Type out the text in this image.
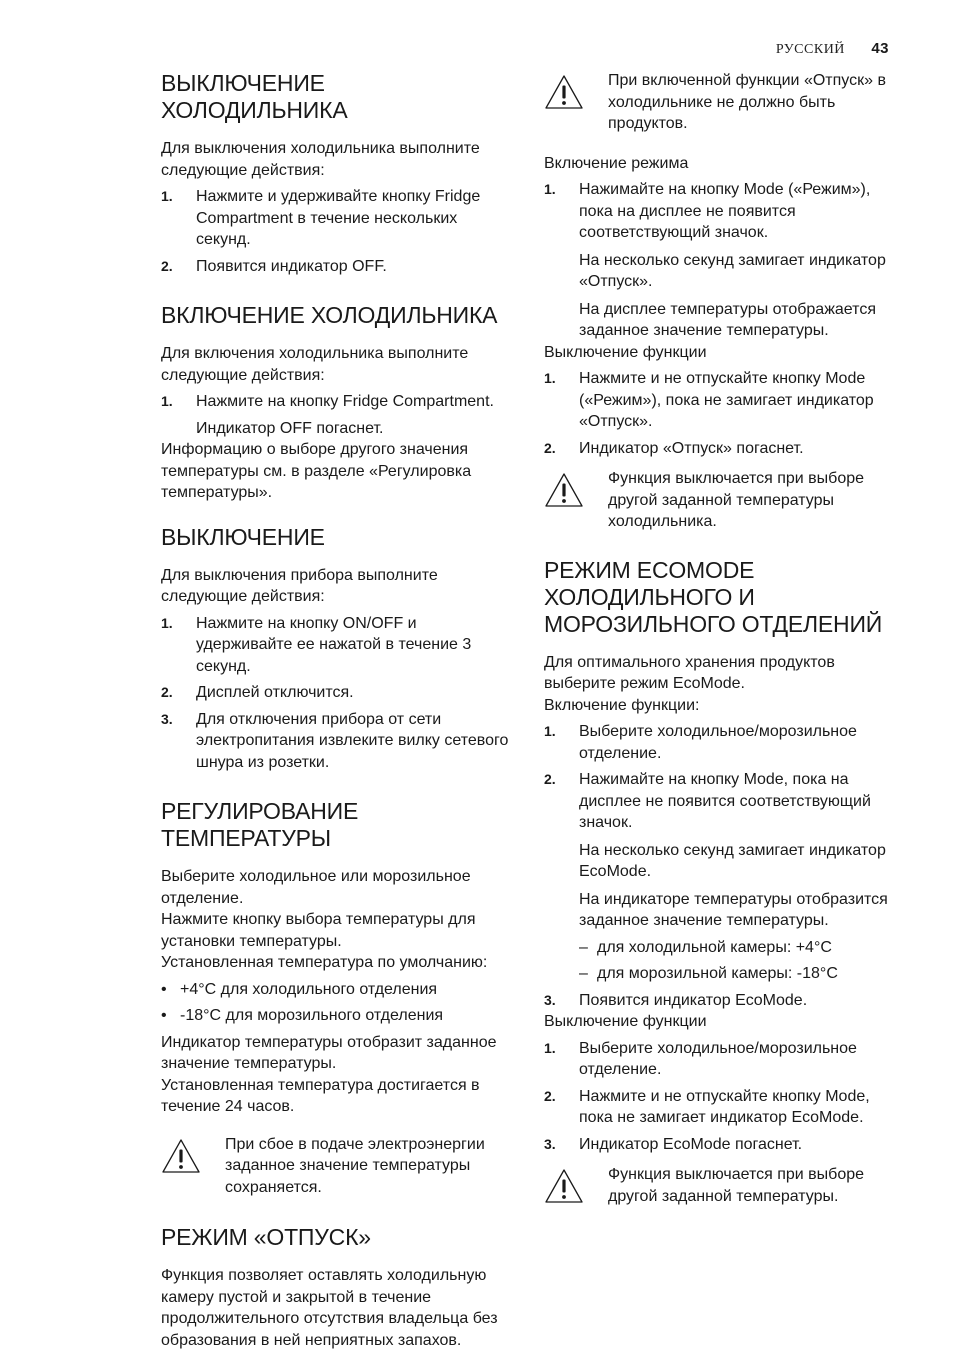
РУССКИЙ 43
ВЫКЛЮЧЕНИЕ ХОЛОДИЛЬНИКА

Для выключения холодильника выполните следующие действия:

1. Нажмите и удерживайте кнопку Fridge Compartment в течение нескольких секунд.
2. Появится индикатор OFF.
ВКЛЮЧЕНИЕ ХОЛОДИЛЬНИКА

Для включения холодильника выполните следующие действия:

1. Нажмите на кнопку Fridge Compartment.

Индикатор OFF погаснет.

Информацию о выборе другого значения температуры см. в разделе «Регулировка температуры».

ВЫКЛЮЧЕНИЕ

Для выключения прибора выполните следующие действия:

1. Нажмите на кнопку ON/OFF и удерживайте ее нажатой в течение 3 секунд.
2. Дисплей отключится.
3. Для отключения прибора от сети электропитания извлеките вилку сетевого шнура из розетки.
РЕГУЛИРОВАНИЕ ТЕМПЕРАТУРЫ

Выберите холодильное или морозильное отделение.

Нажмите кнопку выбора температуры для установки температуры.

Установленная температура по умолчанию:

• +4°C для холодильного отделения
• -18°C для морозильного отделения

Индикатор температуры отобразит заданное значение температуры.

Установленная температура достигается в течение 24 часов.

При сбое в подаче электроэнергии заданное значение температуры сохраняется.
РЕЖИМ «ОТПУСК»

Функция позволяет оставлять холодильную камеру пустой и закрытой в течение продолжительного отсутствия владельца без образования в ней неприятных запахов.

При включенной функции «Отпуск» в холодильнике не должно быть продуктов.

Включение режима

1. Нажимайте на кнопку Mode («Режим»), пока на дисплее не появится соответствующий значок.

На несколько секунд замигает индикатор «Отпуск».

На дисплее температуры отображается заданное значение температуры.

Выключение функции

1. Нажмите и не отпускайте кнопку Mode («Режим»), пока не замигает индикатор «Отпуск».
2. Индикатор «Отпуск» погаснет.
Функция выключается при выборе другой заданной температуры холодильника.
РЕЖИМ ECOMODE ХОЛОДИЛЬНОГО И МОРОЗИЛЬНОГО ОТДЕЛЕНИЙ

Для оптимального хранения продуктов выберите режим EcoMode.

Включение функции:

1. Выберите холодильное/морозильное отделение.
2. Нажимайте на кнопку Mode, пока на дисплее не появится соответствующий значок.

На несколько секунд замигает индикатор EcoMode.

На индикаторе температуры отобразится заданное значение температуры.

– для холодильной камеры: +4°C
– для морозильной камеры: -18°C
3. Появится индикатор EcoMode.

Выключение функции

1. Выберите холодильное/морозильное отделение.
2. Нажмите и не отпускайте кнопку Mode, пока не замигает индикатор EcoMode.
3. Индикатор EcoMode погаснет.
Функция выключается при выборе другой заданной температуры.
